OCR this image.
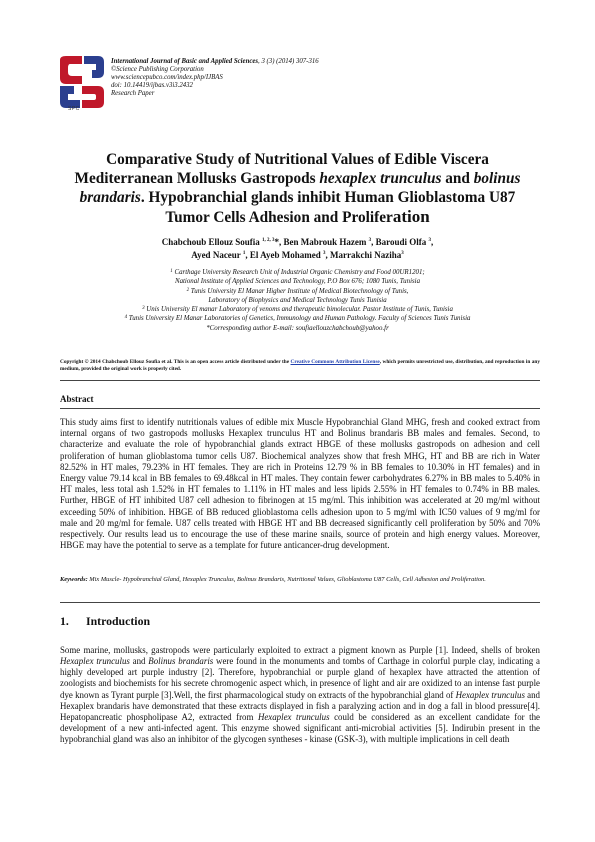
SPC
International Journal of Basic and Applied Sciences, 3 (3) (2014) 307-316
©Science Publishing Corporation
www.sciencepubco.com/index.php/IJBAS
doi: 10.14419/ijbas.v3i3.2432
Research Paper
Comparative Study of Nutritional Values of Edible Viscera Mediterranean Mollusks Gastropods hexaplex trunculus and bolinus brandaris. Hypobranchial glands inhibit Human Glioblastoma U87 Tumor Cells Adhesion and Proliferation
Chabchoub Ellouz Soufia $^{1, 2, 3}$*, Ben Mabrouk Hazem $^3$, Baroudi Olfa $^3$,
Ayed Naceur $^1$, El Ayeb Mohamed $^3$, Marrakchi Naziha$^3$
$^1$ Carthage University Research Unit of Industrial Organic Chemistry and Food 00UR1201;
National Institute of Applied Sciences and Technology, P.O Box 676; 1080 Tunis, Tunisia
$^2$ Tunis University El Manar Higher Institute of Medical Biotechnology of Tunis,
Laboratory of Biophysics and Medical Technology Tunis Tunisia
$^3$ Unis University El manar Laboratory of venoms and therapeutic bimolecular. Pastor Institute of Tunis, Tunisia
$^4$ Tunis University El Manar Laboratories of Genetics, Immunology and Human Pathology. Faculty of Sciences Tunis Tunisia
*Corresponding author E-mail: soufiaellouzchabchoub@yahoo.fr
Copyright © 2014 Chabchoub Ellouz Soufia et al. This is an open access article distributed under the Creative Commons Attribution License, which permits unrestricted use, distribution, and reproduction in any medium, provided the original work is properly cited.
Abstract
This study aims first to identify nutritionals values of edible mix Muscle Hypobranchial Gland MHG, fresh and cooked extract from internal organs of two gastropods mollusks Hexaplex trunculus HT and Bolinus brandaris BB males and females. Second, to characterize and evaluate the role of hypobranchial glands extract HBGE of these mollusks gastropods on adhesion and cell proliferation of human glioblastoma tumor cells U87. Biochemical analyzes show that fresh MHG, HT and BB are rich in Water 82.52% in HT males, 79.23% in HT females. They are rich in Proteins 12.79 % in BB females to 10.30% in HT females) and in Energy value 79.14 kcal in BB females to 69.48kcal in HT males. They contain fewer carbohydrates 6.27% in BB males to 5.40% in HT males, less total ash 1.52% in HT females to 1.11% in HT males and less lipids 2.55% in HT females to 0.74% in BB males. Further, HBGE of HT inhibited U87 cell adhesion to fibrinogen at 15 mg/ml. This inhibition was accelerated at 20 mg/ml without exceeding 50% of inhibition. HBGE of BB reduced glioblastoma cells adhesion upon to 5 mg/ml with IC50 values of 9 mg/ml for male and 20 mg/ml for female. U87 cells treated with HBGE HT and BB decreased significantly cell proliferation by 50% and 70% respectively. Our results lead us to encourage the use of these marine snails, source of protein and high energy values. Moreover, HBGE may have the potential to serve as a template for future anticancer-drug development.
Keywords: Mix Muscle- Hypobranchial Gland, Hexaplex Trunculus, Bolinus Brandaris, Nutritional Values, Glioblastoma U87 Cells, Cell Adhesion and Proliferation.
1. Introduction
Some marine, mollusks, gastropods were particularly exploited to extract a pigment known as Purple [1]. Indeed, shells of broken Hexaplex trunculus and Bolinus brandaris were found in the monuments and tombs of Carthage in colorful purple clay, indicating a highly developed art purple industry [2]. Therefore, hypobranchial or purple gland of hexaplex have attracted the attention of zoologists and biochemists for his secrete chromogenic aspect which, in presence of light and air are oxidized to an intense fast purple dye known as Tyrant purple [3].Well, the first pharmacological study on extracts of the hypobranchial gland of Hexaplex trunculus and Hexaplex brandaris have demonstrated that these extracts displayed in fish a paralyzing action and in dog a fall in blood pressure[4]. Hepatopancreatic phospholipase A2, extracted from Hexaplex trunculus could be considered as an excellent candidate for the development of a new anti-infected agent. This enzyme showed significant anti-microbial activities [5]. Indirubin present in the hypobranchial gland was also an inhibitor of the glycogen syntheses - kinase (GSK-3), with multiple implications in cell death
